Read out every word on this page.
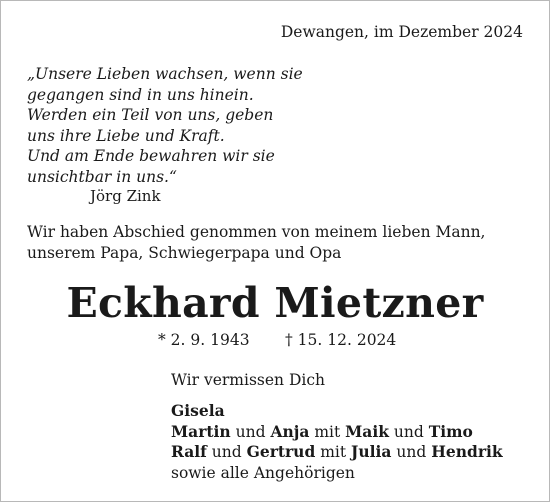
Dewangen, im Dezember 2024
„Unsere Lieben wachsen, wenn sie
gegangen sind in uns hinein.
Werden ein Teil von uns, geben
uns ihre Liebe und Kraft.
Und am Ende bewahren wir sie
unsichtbar in uns.“
Jörg Zink
Wir haben Abschied genommen von meinem lieben Mann,
unserem Papa, Schwiegerpapa und Opa
Eckhard Mietzner
* 2. 9. 1943 † 15. 12. 2024
Wir vermissen Dich
Gisela
Martin und Anja mit Maik und Timo
Ralf und Gertrud mit Julia und Hendrik
sowie alle Angehörigen
